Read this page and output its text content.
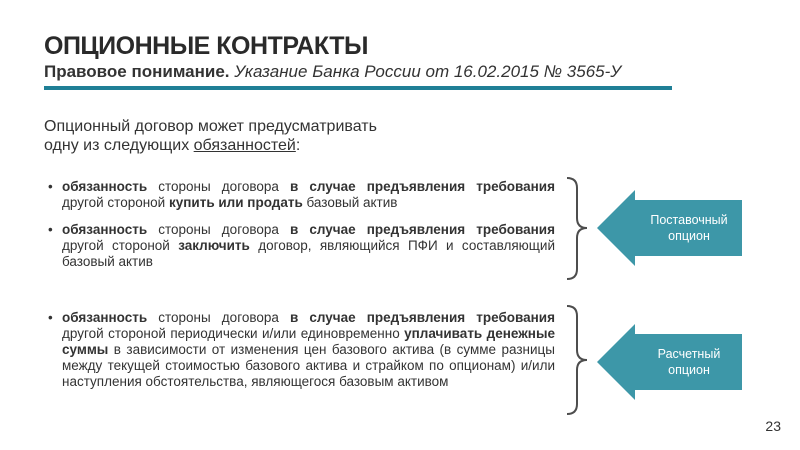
ОПЦИОННЫЕ КОНТРАКТЫ

Правовое понимание. Указание Банка России от 16.02.2015 № 3565-У

Опционный договор может предусматривать
одну из следующих обязанностей:
• обязанность стороны договора в случае предъявления требования другой стороной купить или продать базовый актив
• обязанность стороны договора в случае предъявления требования другой стороной заключить договор, являющийся ПФИ и составляющий базовый актив
• обязанность стороны договора в случае предъявления требования другой стороной периодически и/или единовременно уплачивать денежные суммы в зависимости от изменения цен базового актива (в сумме разницы между текущей стоимостью базового актива и страйком по опционам) и/или наступления обстоятельства, являющегося базовым активом
Поставочный
опцион
Расчетный
опцион
23
